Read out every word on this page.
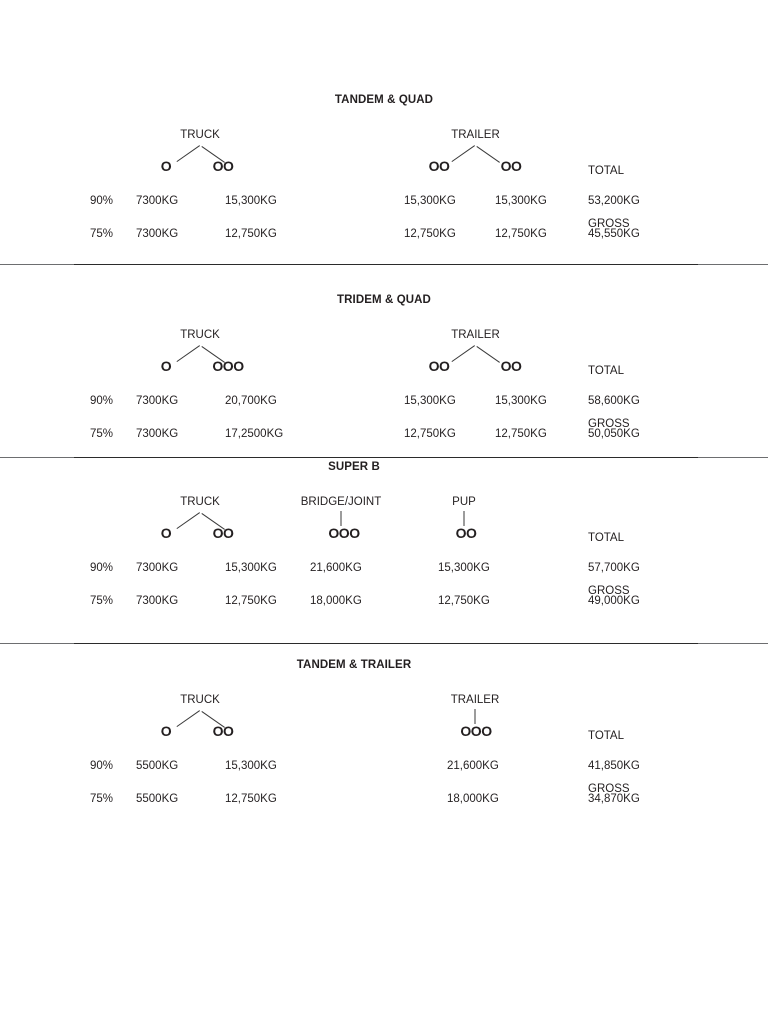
TANDEM & QUAD
TRUCK
O	OO
TRAILER
OO	OO

	TOTAL

GROSS

90% 7300KG	15,300KG	15,300KG	15,300KG	53,200KG
75% 7300KG	12,750KG	12,750KG	12,750KG	45,550KG
TRIDEM & QUAD
TRUCK
O	OOO
TRAILER
OO	OO

	TOTAL

GROSS

90% 7300KG	20,700KG	15,300KG	15,300KG	58,600KG
75% 7300KG	17,2500KG	12,750KG	12,750KG	50,050KG
SUPER B
TRUCK
O	OO
BRIDGE/JOINT
OOO
PUP
OO

	TOTAL

GROSS

90% 7300KG	15,300KG	21,600KG	15,300KG	57,700KG
75% 7300KG	12,750KG	18,000KG	12,750KG	49,000KG
TANDEM & TRAILER
TRUCK
O	OO
TRAILER
OOO

	TOTAL

GROSS

90% 5500KG	15,300KG	21,600KG	41,850KG
75% 5500KG	12,750KG	18,000KG	34,870KG
